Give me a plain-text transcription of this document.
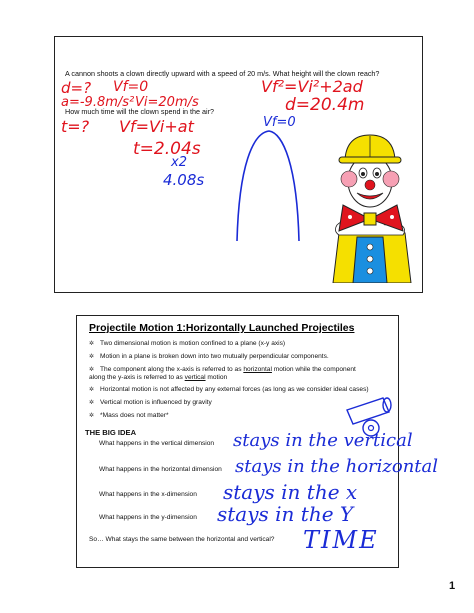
A cannon shoots a clown directly upward with a speed of 20 m/s. What height will the clown reach?
d=? Vf=0
a=-9.8m/s² Vi=20m/s
Vf²=Vi²+2ad
d=20.4m
How much time will the clown spend in the air?
t=? Vf=Vi+at
t=2.04s
x2
4.08s
Vf=0
Projectile Motion 1:Horizontally Launched Projectiles
✲ Two dimensional motion is motion confined to a plane (x-y axis)
✲ Motion in a plane is broken down into two mutually perpendicular components.
✲ The component along the x-axis is referred to as horizontal motion while the component
along the y-axis is referred to as vertical motion
✲ Horizontal motion is not affected by any external forces (as long as we consider ideal cases)
✲ Vertical motion is influenced by gravity
✲ *Mass does not matter*
THE BIG IDEA
What happens in the vertical dimension stays in the vertical
What happens in the horizontal dimension stays in the horizontal
What happens in the x-dimension stays in the x
What happens in the y-dimension stays in the Y
So… What stays the same between the horizontal and vertical? TIME
1
